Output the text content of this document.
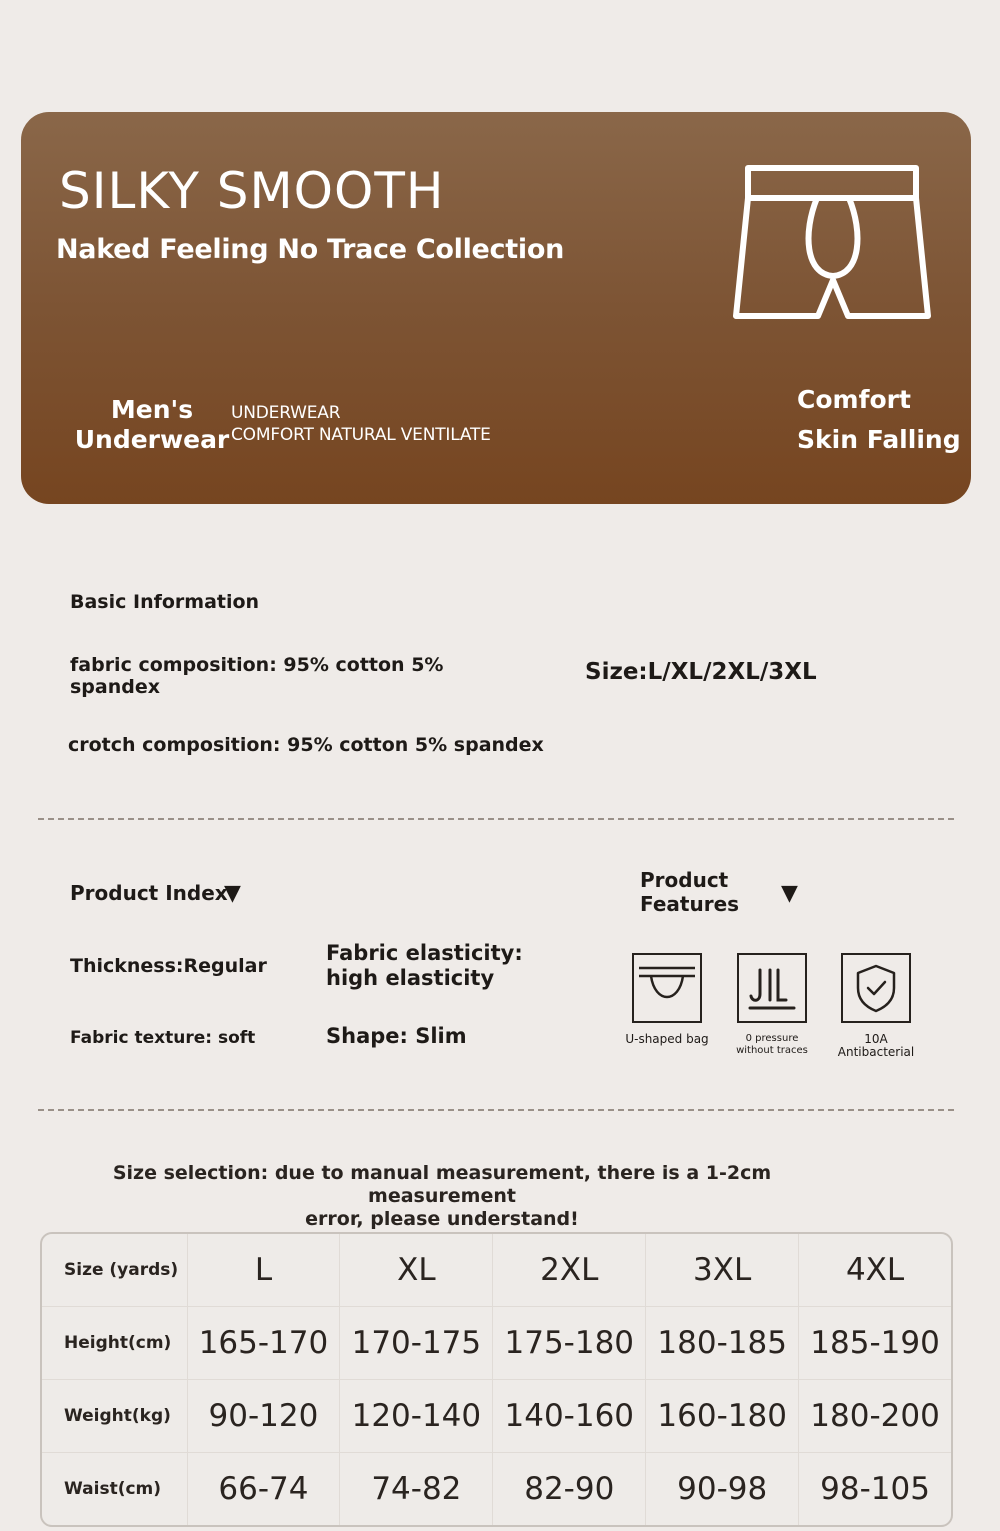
SILKY SMOOTH
Naked Feeling No Trace Collection
Men's
Underwear
UNDERWEAR
COMFORT NATURAL VENTILATE
Comfort
Skin Falling
Basic Information
fabric composition: 95% cotton 5%
spandex
Size:L/XL/2XL/3XL
crotch composition: 95% cotton 5% spandex
Product Index
▼
Thickness:Regular
Fabric elasticity:
high elasticity
Fabric texture: soft	Shape: Slim
Product
Features ▼
U-shaped bag	0 pressure
without traces
10A
Antibacterial
Size selection: due to manual measurement, there is a 1-2cm measurement
error, please understand!
Size (yards)	L	XL	2XL	3XL	4XL
Height(cm)	165-170	170-175	175-180	180-185	185-190
Weight(kg)	90-120	120-140	140-160	160-180	180-200
Waist(cm)	66-74	74-82	82-90	90-98	98-105
